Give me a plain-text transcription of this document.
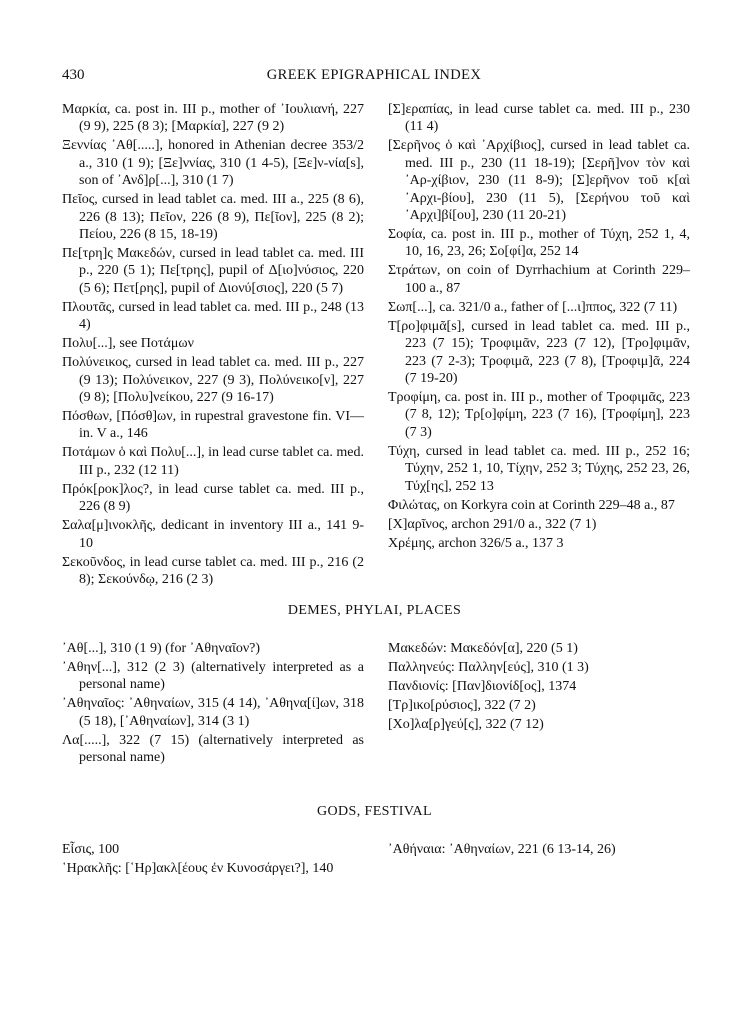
430	GREEK EPIGRAPHICAL INDEX

Μαρκία, ca. post in. III p., mother of ᾿Ιουλιανή, 227 (9 9), 225 (8 3); [Μαρκία], 227 (9 2)

Ξεννίας ᾿Αθ[.....], honored in Athenian decree 353/2 a., 310 (1 9); [Ξε]ννίας, 310 (1 4-5), [Ξε]ν-νία[s], son of ᾿Ανδ]ρ[...], 310 (1 7)

Πεῖος, cursed in lead tablet ca. med. III a., 225 (8 6), 226 (8 13); Πεῖον, 226 (8 9), Πε[ῖον], 225 (8 2); Πείου, 226 (8 15, 18-19)

Πε[τρη]ς Μακεδών, cursed in lead tablet ca. med. III p., 220 (5 1); Πε[τρης], pupil of Δ[ιο]νύσιος, 220 (5 6); Πετ[ρης], pupil of Διονύ[σιος], 220 (5 7)

Πλουτᾶς, cursed in lead tablet ca. med. III p., 248 (13 4)

Πολυ[...], see Ποτάμων

Πολύνεικος, cursed in lead tablet ca. med. III p., 227 (9 13); Πολύνεικον, 227 (9 3), Πολύνεικο[ν], 227 (9 8); [Πολυ]νείκου, 227 (9 16-17)

Πόσθων, [Πόσθ]ων, in rupestral gravestone fin. VI—in. V a., 146

Ποτάμων ὁ καὶ Πολυ[...], in lead curse tablet ca. med. III p., 232 (12 11)

Πρόκ[ροκ]λος?, in lead curse tablet ca. med. III p., 226 (8 9)

Σαλα[μ]ινοκλῆς, dedicant in inventory III a., 141 9-10

Σεκοῦνδος, in lead curse tablet ca. med. III p., 216 (2 8); Σεκούνδῳ, 216 (2 3)

[Σ]εραπίας, in lead curse tablet ca. med. III p., 230 (11 4)

[Σερῆνος ὁ καὶ ᾿Αρχίβιος], cursed in lead tablet ca. med. III p., 230 (11 18-19); [Σερῆ]νον τὸν καὶ ᾿Αρ-χίβιον, 230 (11 8-9); [Σ]ερῆνον τοῦ κ[αὶ ᾿Αρχι-βίου], 230 (11 5), [Σερήνου τοῦ καὶ ᾿Αρχι]βί[ου], 230 (11 20-21)

Σοφία, ca. post in. III p., mother of Τύχη, 252 1, 4, 10, 16, 23, 26; Σο[φί]α, 252 14

Στράτων, on coin of Dyrrhachium at Corinth 229–100 a., 87

Σωπ[...], ca. 321/0 a., father of [...ι]ππος, 322 (7 11)

Τ[ρο]φιμᾶ[s], cursed in lead tablet ca. med. III p., 223 (7 15); Τροφιμᾶν, 223 (7 12), [Τρο]φιμᾶν, 223 (7 2-3); Τροφιμᾶ, 223 (7 8), [Τροφιμ]ᾶ, 224 (7 19-20)

Τροφίμη, ca. post in. III p., mother of Τροφιμᾶς, 223 (7 8, 12); Τρ[ο]φίμη, 223 (7 16), [Τροφίμη], 223 (7 3)

Τύχη, cursed in lead tablet ca. med. III p., 252 16; Τύχην, 252 1, 10, Τίχην, 252 3; Τύχης, 252 23, 26, Τύχ[ης], 252 13

Φιλώτας, on Korkyra coin at Corinth 229–48 a., 87

[Χ]αρῖνος, archon 291/0 a., 322 (7 1)

Χρέμης, archon 326/5 a., 137 3

DEMES, PHYLAI, PLACES

᾿Αθ[...], 310 (1 9) (for ᾿Αθηναῖον?)

᾿Αθην[...], 312 (2 3) (alternatively interpreted as a personal name)

᾿Αθηναῖος: ᾿Αθηναίων, 315 (4 14), ᾿Αθηνα[ί]ων, 318 (5 18), [᾿Αθηναίων], 314 (3 1)

Λα[.....], 322 (7 15) (alternatively interpreted as personal name)

Μακεδών: Μακεδόν[α], 220 (5 1)

Παλληνεύς: Παλλην[εύς], 310 (1 3)

Πανδιονίς: [Παν]διονίδ[ος], 1374

[Τρ]ικο[ρύσιος], 322 (7 2)

[Χο]λα[ρ]γεύ[ς], 322 (7 12)

GODS, FESTIVAL

Εἶσις, 100

῾Ηρακλῆς: [῾Ηρ]ακλ[έους ἐν Κυνοσάργει?], 140

᾿Αθήναια: ᾿Αθηναίων, 221 (6 13-14, 26)
